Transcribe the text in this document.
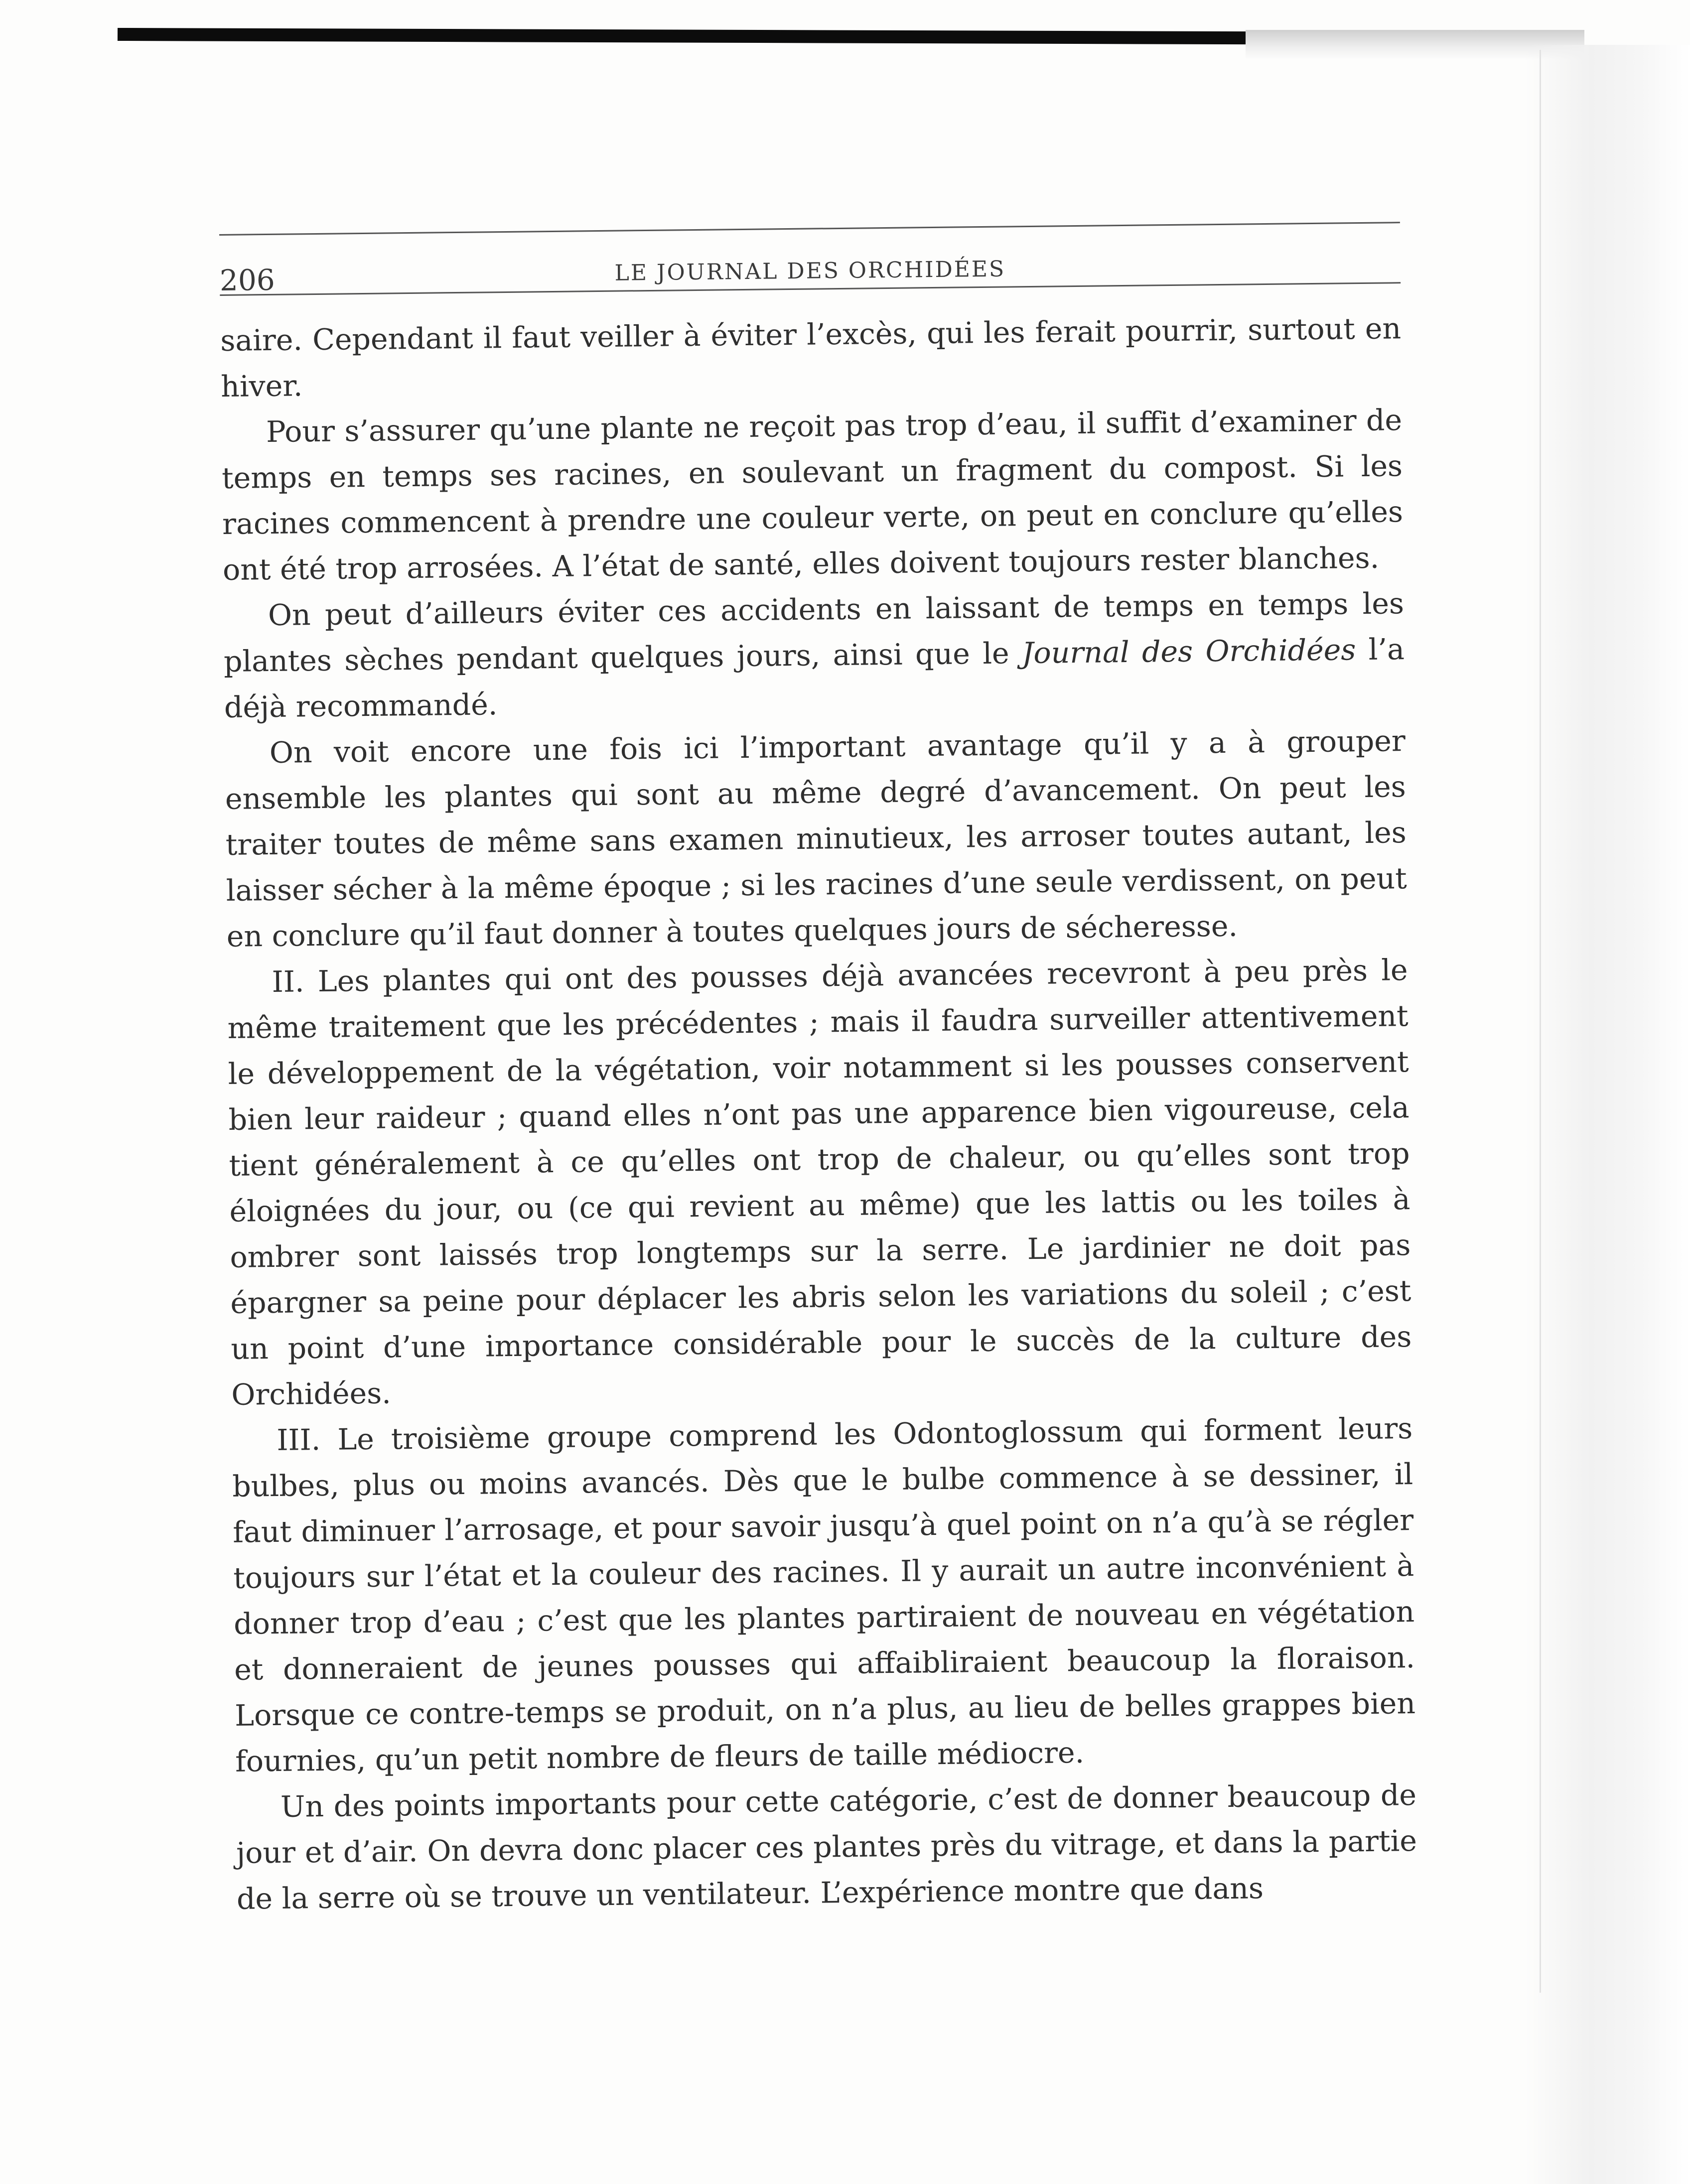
206	LE JOURNAL DES ORCHIDÉES

saire. Cependant il faut veiller à éviter l’excès, qui les ferait pourrir, surtout en hiver.

Pour s’assurer qu’une plante ne reçoit pas trop d’eau, il suffit d’examiner de temps en temps ses racines, en soulevant un fragment du compost. Si les racines commencent à prendre une couleur verte, on peut en conclure qu’elles ont été trop arrosées. A l’état de santé, elles doivent toujours rester blanches.

On peut d’ailleurs éviter ces accidents en laissant de temps en temps les plantes sèches pendant quelques jours, ainsi que le Journal des Orchidées l’a déjà recommandé.

On voit encore une fois ici l’important avantage qu’il y a à grouper ensemble les plantes qui sont au même degré d’avancement. On peut les traiter toutes de même sans examen minutieux, les arroser toutes autant, les laisser sécher à la même époque ; si les racines d’une seule verdissent, on peut en conclure qu’il faut donner à toutes quelques jours de sécheresse.

II. Les plantes qui ont des pousses déjà avancées recevront à peu près le même traitement que les précédentes ; mais il faudra surveiller attentivement le développement de la végétation, voir notamment si les pousses conservent bien leur raideur ; quand elles n’ont pas une apparence bien vigoureuse, cela tient généralement à ce qu’elles ont trop de chaleur, ou qu’elles sont trop éloignées du jour, ou (ce qui revient au même) que les lattis ou les toiles à ombrer sont laissés trop longtemps sur la serre. Le jardinier ne doit pas épargner sa peine pour déplacer les abris selon les variations du soleil ; c’est un point d’une importance considérable pour le succès de la culture des Orchidées.

III. Le troisième groupe comprend les Odontoglossum qui forment leurs bulbes, plus ou moins avancés. Dès que le bulbe commence à se dessiner, il faut diminuer l’arrosage, et pour savoir jusqu’à quel point on n’a qu’à se régler toujours sur l’état et la couleur des racines. Il y aurait un autre inconvénient à donner trop d’eau ; c’est que les plantes partiraient de nouveau en végétation et donneraient de jeunes pousses qui affaibliraient beaucoup la floraison. Lorsque ce contre-temps se produit, on n’a plus, au lieu de belles grappes bien fournies, qu’un petit nombre de fleurs de taille médiocre.

Un des points importants pour cette catégorie, c’est de donner beaucoup de jour et d’air. On devra donc placer ces plantes près du vitrage, et dans la partie de la serre où se trouve un ventilateur. L’expérience montre que dans
